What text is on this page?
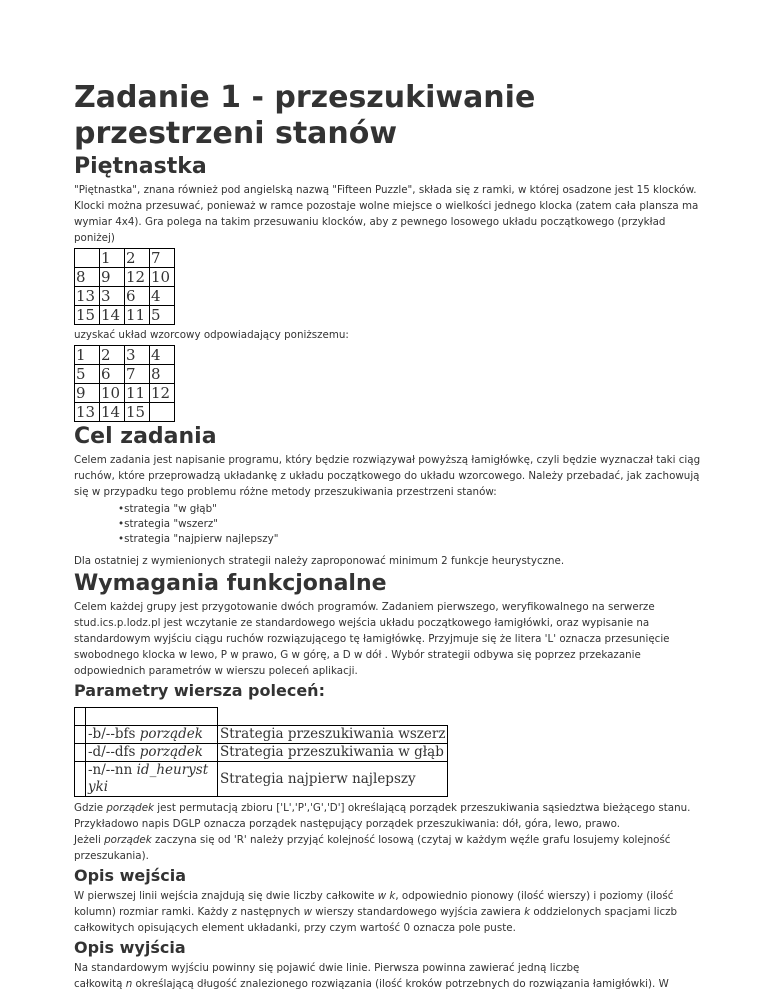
Zadanie 1 - przeszukiwanie przestrzeni stanów
Piętnastka

"Piętnastka", znana również pod angielską nazwą "Fifteen Puzzle", składa się z ramki, w której osadzone jest 15 klocków. Klocki można przesuwać, ponieważ w ramce pozostaje wolne miejsce o wielkości jednego klocka (zatem cała plansza ma wymiar 4x4). Gra polega na takim przesuwaniu klocków, aby z pewnego losowego układu początkowego (przykład poniżej)

	1	2	7
8	9	12	10
13	3	6	4
15	14	11	5

uzyskać układ wzorcowy odpowiadający poniższemu:

1	2	3	4
5	6	7	8
9	10	11	12
13	14	15	
Cel zadania

Celem zadania jest napisanie programu, który będzie rozwiązywał powyższą łamigłówkę, czyli będzie wyznaczał taki ciąg ruchów, które przeprowadzą układankę z układu początkowego do układu wzorcowego. Należy przebadać, jak zachowują się w przypadku tego problemu różne metody przeszukiwania przestrzeni stanów:

•strategia "w głąb"
•strategia "wszerz"
•strategia "najpierw najlepszy"

Dla ostatniej z wymienionych strategii należy zaproponować minimum 2 funkcje heurystyczne.

Wymagania funkcjonalne

Celem każdej grupy jest przygotowanie dwóch programów. Zadaniem pierwszego, weryfikowalnego na serwerze stud.ics.p.lodz.pl jest wczytanie ze standardowego wejścia układu początkowego łamigłówki, oraz wypisanie na standardowym wyjściu ciągu ruchów rozwiązującego tę łamigłówkę. Przyjmuje się że litera 'L' oznacza przesunięcie swobodnego klocka w lewo, P w prawo, G w górę, a D w dół . Wybór strategii odbywa się poprzez przekazanie odpowiednich parametrów w wierszu poleceń aplikacji.

Parametry wiersza poleceń:

	-b/--bfs porządek	Strategia przeszukiwania wszerz
	-d/--dfs porządek	Strategia przeszukiwania w głąb
	-n/--nn id_heurystyki	Strategia najpierw najlepszy

Gdzie porządek jest permutacją zbioru ['L','P','G','D'] określającą porządek przeszukiwania sąsiedztwa bieżącego stanu.
Przykładowo napis DGLP oznacza porządek następujący porządek przeszukiwania: dół, góra, lewo, prawo.
Jeżeli porządek zaczyna się od 'R' należy przyjąć kolejność losową (czytaj w każdym węźle grafu losujemy kolejność przeszukania).

Opis wejścia

W pierwszej linii wejścia znajdują się dwie liczby całkowite w k, odpowiednio pionowy (ilość wierszy) i poziomy (ilość kolumn) rozmiar ramki. Każdy z następnych w wierszy standardowego wyjścia zawiera k oddzielonych spacjami liczb całkowitych opisujących element układanki, przy czym wartość 0 oznacza pole puste.

Opis wyjścia

Na standardowym wyjściu powinny się pojawić dwie linie. Pierwsza powinna zawierać jedną liczbę
całkowitą n określającą długość znalezionego rozwiązania (ilość kroków potrzebnych do rozwiązania łamigłówki). W
